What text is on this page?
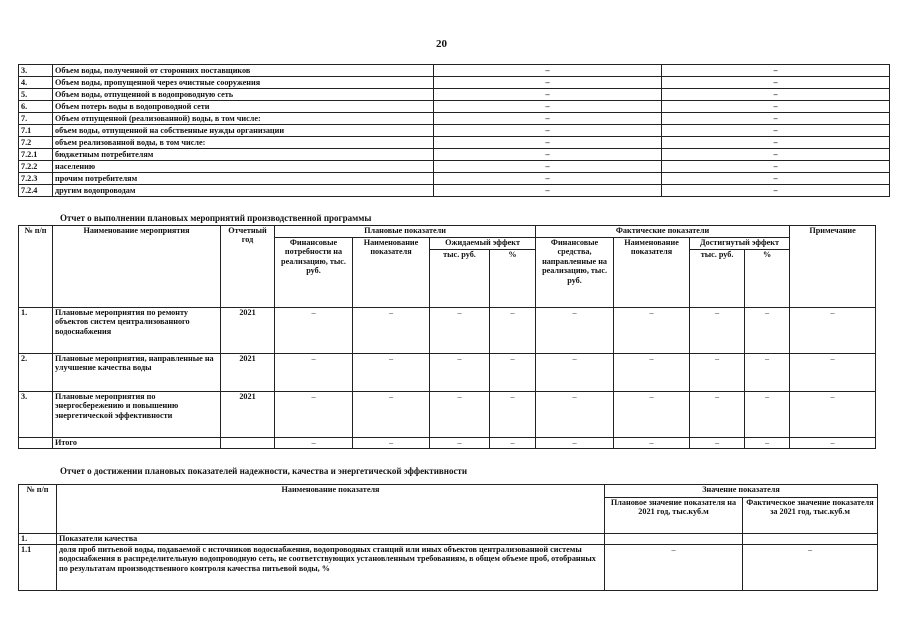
20
3.	Объем воды, полученной от сторонних поставщиков	–	–
4.	Объем воды, пропущенной через очистные сооружения	–	–
5.	Объем воды, отпущенной в водопроводную сеть	–	–
6.	Объем потерь воды в водопроводной сети	–	–
7.	Объем отпущенной (реализованной) воды, в том числе:	–	–
7.1	объем воды, отпущенной на собственные нужды организации	–	–
7.2	объем реализованной воды, в том числе:	–	–
7.2.1	бюджетным потребителям	–	–
7.2.2	населению	–	–
7.2.3	прочим потребителям	–	–
7.2.4	другим водопроводам	–	–
Отчет о выполнении плановых мероприятий производственной программы
№ п/п	Наименование мероприятия	Отчетный год	Плановые показатели				Фактические показатели				Примечание
			Финансовые потребности на реализацию, тыс. руб.	Наименование показателя	Ожидаемый эффект		Финансовые средства, направленные на реализацию, тыс. руб.	Наименование показателя	Достигнутый эффект		
					тыс. руб.	%			тыс. руб.	%	
1.	Плановые мероприятия по ремонту объектов систем централизованного водоснабжения	2021	–	–	–	–	–	–	–	–	–
2.	Плановые мероприятия, направленные на улучшение качества воды	2021	–	–	–	–	–	–	–	–	–
3.	Плановые мероприятия по энергосбережению и повышению энергетической эффективности	2021	–	–	–	–	–	–	–	–	–
	Итого		–	–	–	–	–	–	–	–	–
Отчет о достижении плановых показателей надежности, качества и энергетической эффективности
№ п/п	Наименование показателя	Значение показателя	
		Плановое значение показателя на 2021 год, тыс.куб.м	Фактическое значение показателя за 2021 год, тыс.куб.м
1.	Показатели качества		
1.1	доля проб питьевой воды, подаваемой с источников водоснабжения, водопроводных станций или иных объектов централизованной системы водоснабжения в распределительную водопроводную сеть, не соответствующих установленным требованиям, в общем объеме проб, отобранных по результатам производственного контроля качества питьевой воды, %	–	–
